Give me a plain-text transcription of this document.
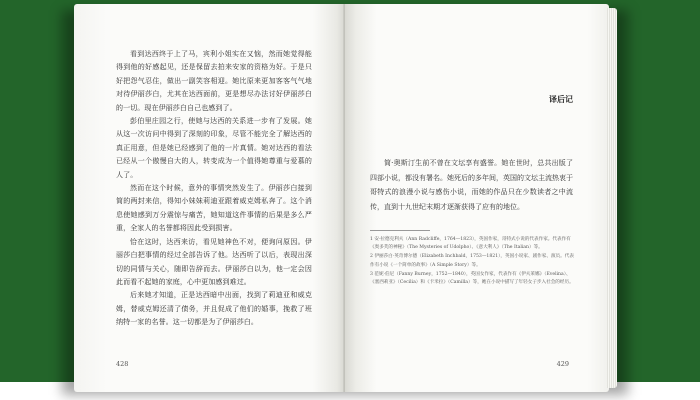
看到达西终于上了马，宾利小姐实在又恼，然而她觉得能得到他的好感起见，还是保留去拍来安家的资格为好。于是只好把怨气忍住，做出一副笑容相迎。她比原来更加客客气气地对待伊丽莎白，尤其在达西面前，更是想尽办法讨好伊丽莎白的一切。现在伊丽莎白自己也感到了。

彭伯里庄园之行，使她与达西的关系进一步有了发展。她从这一次访问中得到了深刻的印象，尽管不能完全了解达西的真正用意，但是她已经感到了他的一片真情。她对达西的看法已经从一个傲慢自大的人，转变成为一个值得她尊重与爱慕的人了。

然而在这个时候，意外的事情突然发生了。伊丽莎白接到简的两封来信，得知小妹妹莉迪亚跟着威克姆私奔了。这个消息使她感到万分震惊与痛苦，她知道这件事情的后果是多么严重，全家人的名誉都将因此受到损害。

恰在这时，达西来访，看见她神色不对，便询问原因。伊丽莎白把事情的经过全部告诉了他。达西听了以后，表现出深切的同情与关心，随即告辞而去。伊丽莎白以为，他一定会因此而看不起她的家庭，心中更加感到难过。

后来她才知道，正是达西暗中出面，找到了莉迪亚和威克姆，替威克姆还清了债务，并且促成了他们的婚事，挽救了班纳特一家的名誉。这一切都是为了伊丽莎白。

428
译后记

简·奥斯汀生前不曾在文坛享有盛誉。她在世时，总共出版了四部小说，都没有署名。她死后的多年间，英国的文坛主流热衷于哥特式的浪漫小说与感伤小说，而她的作品只在少数读者之中流传，直到十九世纪末期才逐渐获得了应有的地位。

1 安·拉德克利夫（Ann Radcliffe，1764—1823），英国作家，哥特式小说的代表作家。代表作有《奥多芙的神秘》（The Mysteries of Udolpho）、《意大利人》（The Italian）等。

2 伊丽莎白·英奇博尔德（Elizabeth Inchbald，1753—1821），英国小说家、剧作家、演员。代表作有小说《一个简单的故事》（A Simple Story）等。

3 范妮·伯尼（Fanny Burney，1752—1840），英国女作家，代表作有《伊夫莱娜》（Evelina）、《塞西莉亚》（Cecilia）和《卡米拉》（Camilla）等，她在小说中描写了年轻女子步入社会的经历。

429
